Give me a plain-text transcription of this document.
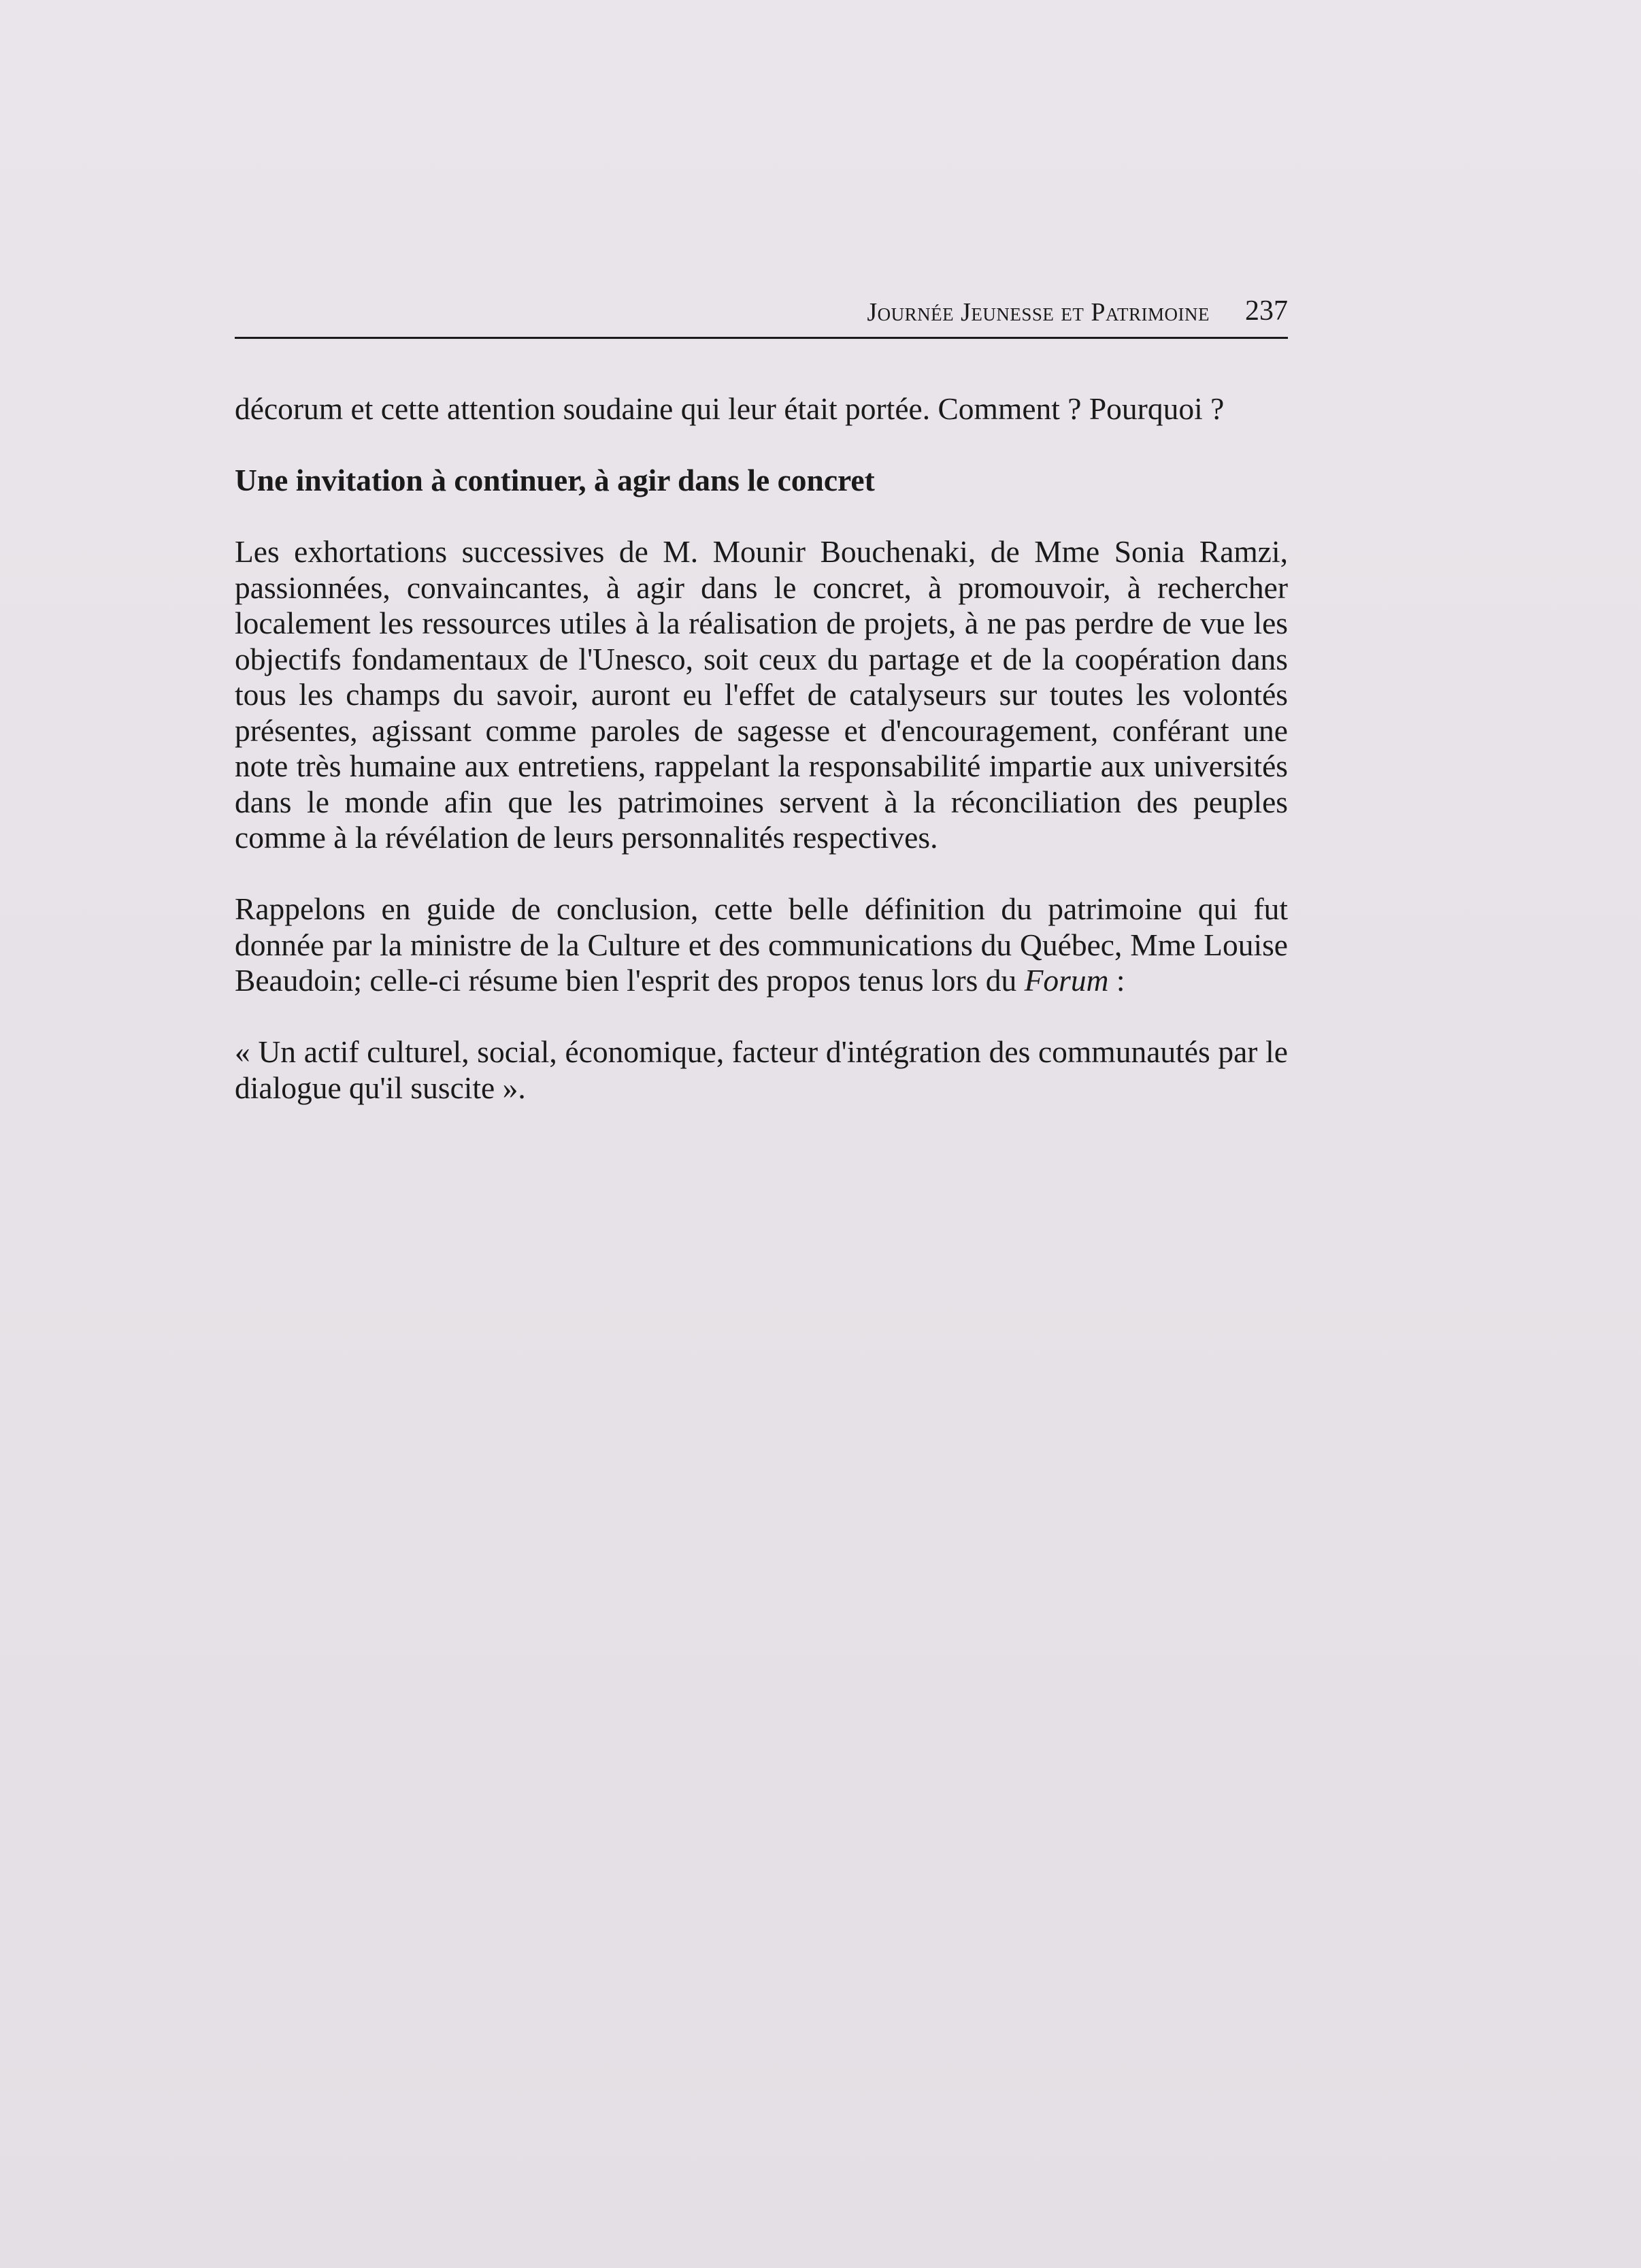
Journée Jeunesse et Patrimoine 237

décorum et cette attention soudaine qui leur était portée. Comment ? Pourquoi ?

Une invitation à continuer, à agir dans le concret

Les exhortations successives de M. Mounir Bouchenaki, de Mme Sonia Ramzi, passionnées, convaincantes, à agir dans le concret, à promouvoir, à rechercher localement les ressources utiles à la réalisation de projets, à ne pas perdre de vue les objectifs fondamentaux de l'Unesco, soit ceux du partage et de la coopération dans tous les champs du savoir, auront eu l'effet de catalyseurs sur toutes les volontés présentes, agissant comme paroles de sagesse et d'encouragement, conférant une note très humaine aux entretiens, rappelant la responsabilité impartie aux universités dans le monde afin que les patrimoines servent à la réconciliation des peuples comme à la révélation de leurs personnalités respectives.

Rappelons en guide de conclusion, cette belle définition du patrimoine qui fut donnée par la ministre de la Culture et des communications du Québec, Mme Louise Beaudoin; celle-ci résume bien l'esprit des propos tenus lors du Forum :

« Un actif culturel, social, économique, facteur d'intégration des communautés par le dialogue qu'il suscite ».
